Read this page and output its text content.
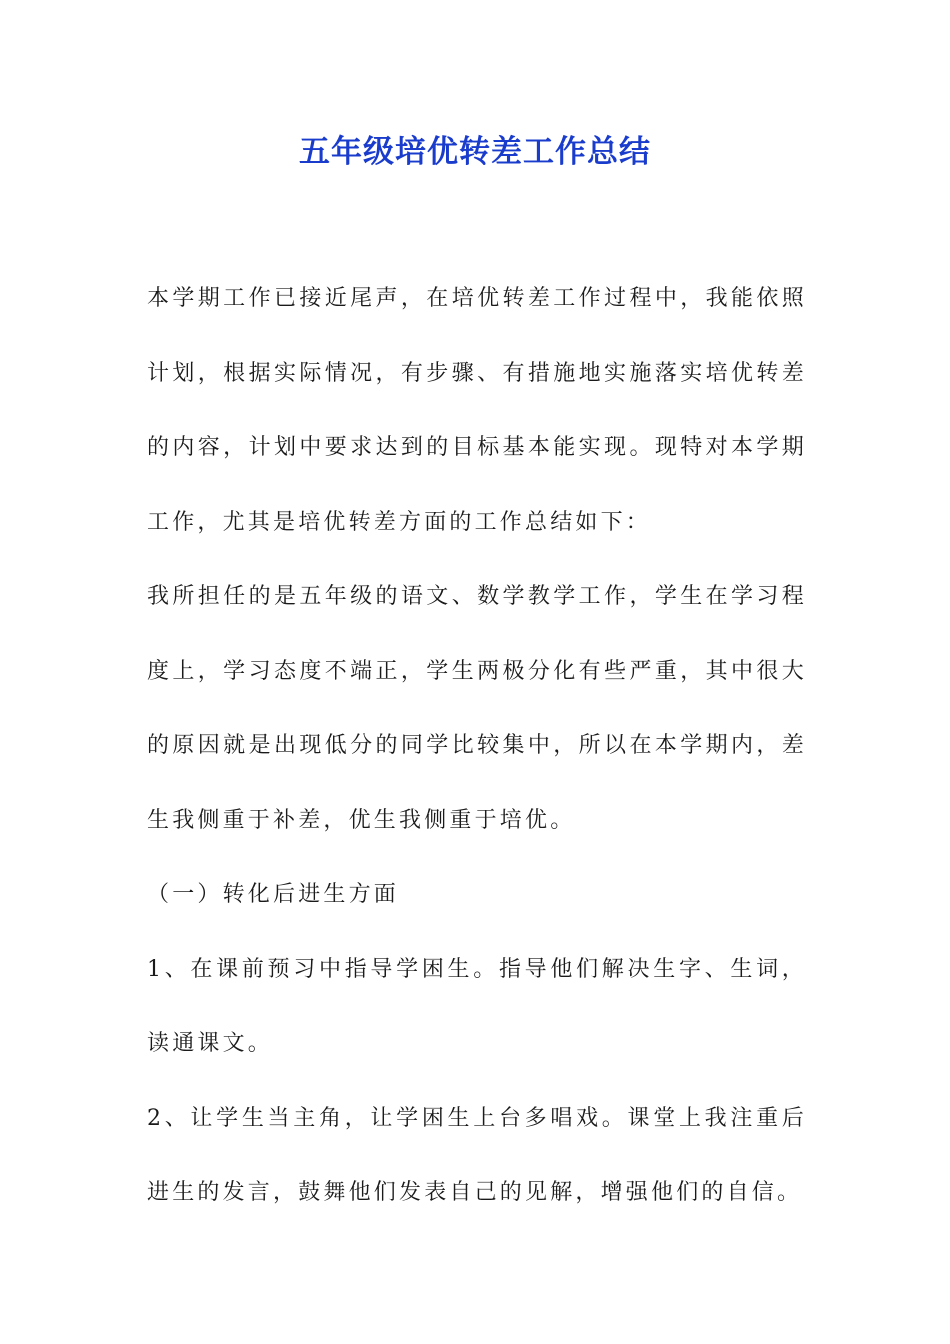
五年级培优转差工作总结

本学期工作已接近尾声，在培优转差工作过程中，我能依照计划，根据实际情况，有步骤、有措施地实施落实培优转差的内容，计划中要求达到的目标基本能实现。现特对本学期工作，尤其是培优转差方面的工作总结如下：

我所担任的是五年级的语文、数学教学工作，学生在学习程度上，学习态度不端正，学生两极分化有些严重，其中很大的原因就是出现低分的同学比较集中，所以在本学期内，差生我侧重于补差，优生我侧重于培优。

（一）转化后进生方面

1、在课前预习中指导学困生。指导他们解决生字、生词，读通课文。

2、让学生当主角，让学困生上台多唱戏。课堂上我注重后进生的发言，鼓舞他们发表自己的见解，增强他们的自信。
